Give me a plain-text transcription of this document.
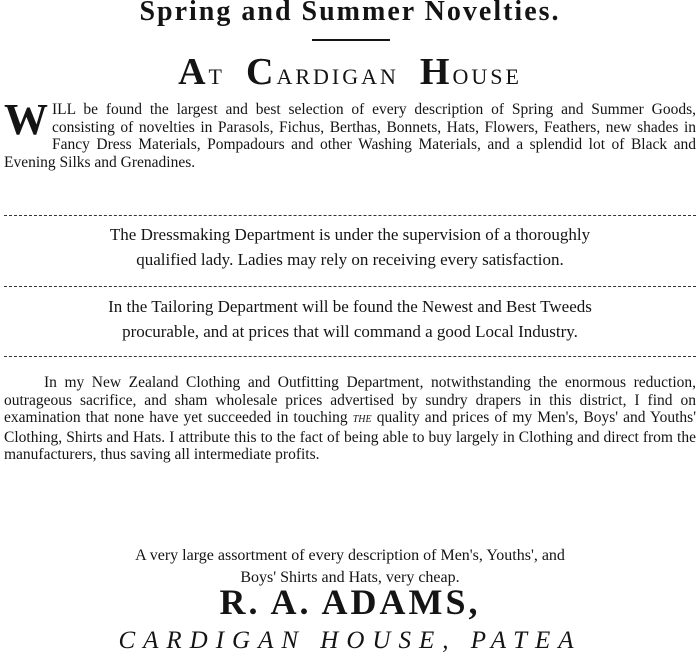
Spring and Summer Novelties.
AT CARDIGAN HOUSE
WILL be found the largest and best selection of every description of Spring and Summer Goods, consisting of novelties in Parasols, Fichus, Berthas, Bonnets, Hats, Flowers, Feathers, new shades in Fancy Dress Materials, Pompadours and other Washing Materials, and a splendid lot of Black and Evening Silks and Grenadines.
The Dressmaking Department is under the supervision of a thoroughly
qualified lady. Ladies may rely on receiving every satisfaction.
In the Tailoring Department will be found the Newest and Best Tweeds
procurable, and at prices that will command a good Local Industry.
In my New Zealand Clothing and Outfitting Department, notwithstanding the enormous reduction, outrageous sacrifice, and sham wholesale prices advertised by sundry drapers in this district, I find on examination that none have yet succeeded in touching THE quality and prices of my Men's, Boys' and Youths' Clothing, Shirts and Hats. I attribute this to the fact of being able to buy largely in Clothing and direct from the manufacturers, thus saving all intermediate profits.
A very large assortment of every description of Men's, Youths', and
Boys' Shirts and Hats, very cheap.
R. A. ADAMS,
CARDIGAN HOUSE, PATEA
